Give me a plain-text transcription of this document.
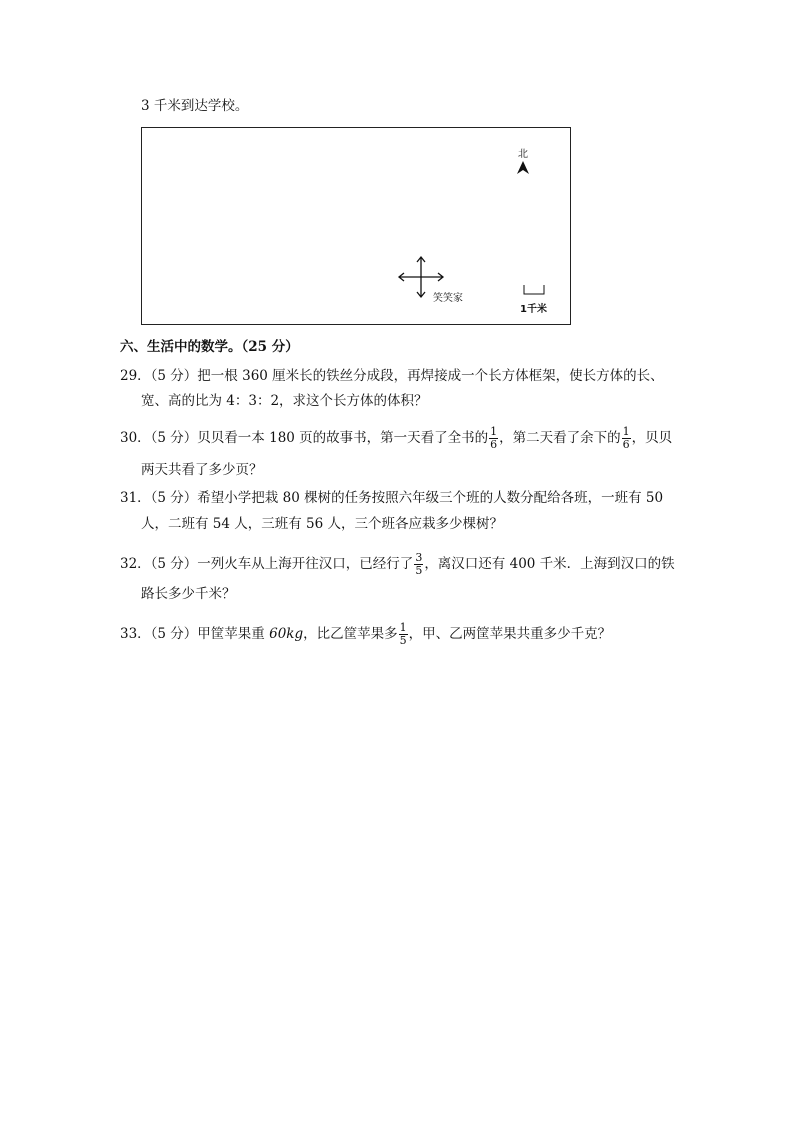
3 千米到达学校。
北
笑笑家
1千米
六、生活中的数学。（25 分）
29．（5 分）把一根 360 厘米长的铁丝分成段，再焊接成一个长方体框架，使长方体的长、
宽、高的比为 4：3：2，求这个长方体的体积？
30．（5 分）贝贝看一本 180 页的故事书，第一天看了全书的 $\frac{1}{6}$ ，第二天看了余下的 $\frac{1}{6}$ ，贝贝
两天共看了多少页？
31．（5 分）希望小学把栽 80 棵树的任务按照六年级三个班的人数分配给各班，一班有 50
人，二班有 54 人，三班有 56 人，三个班各应栽多少棵树？
32．（5 分）一列火车从上海开往汉口，已经行了 $\frac{3}{5}$ ，离汉口还有 400 千米．上海到汉口的铁
路长多少千米？
33．（5 分）甲筐苹果重 60kg，比乙筐苹果多 $\frac{1}{5}$ ，甲、乙两筐苹果共重多少千克？
